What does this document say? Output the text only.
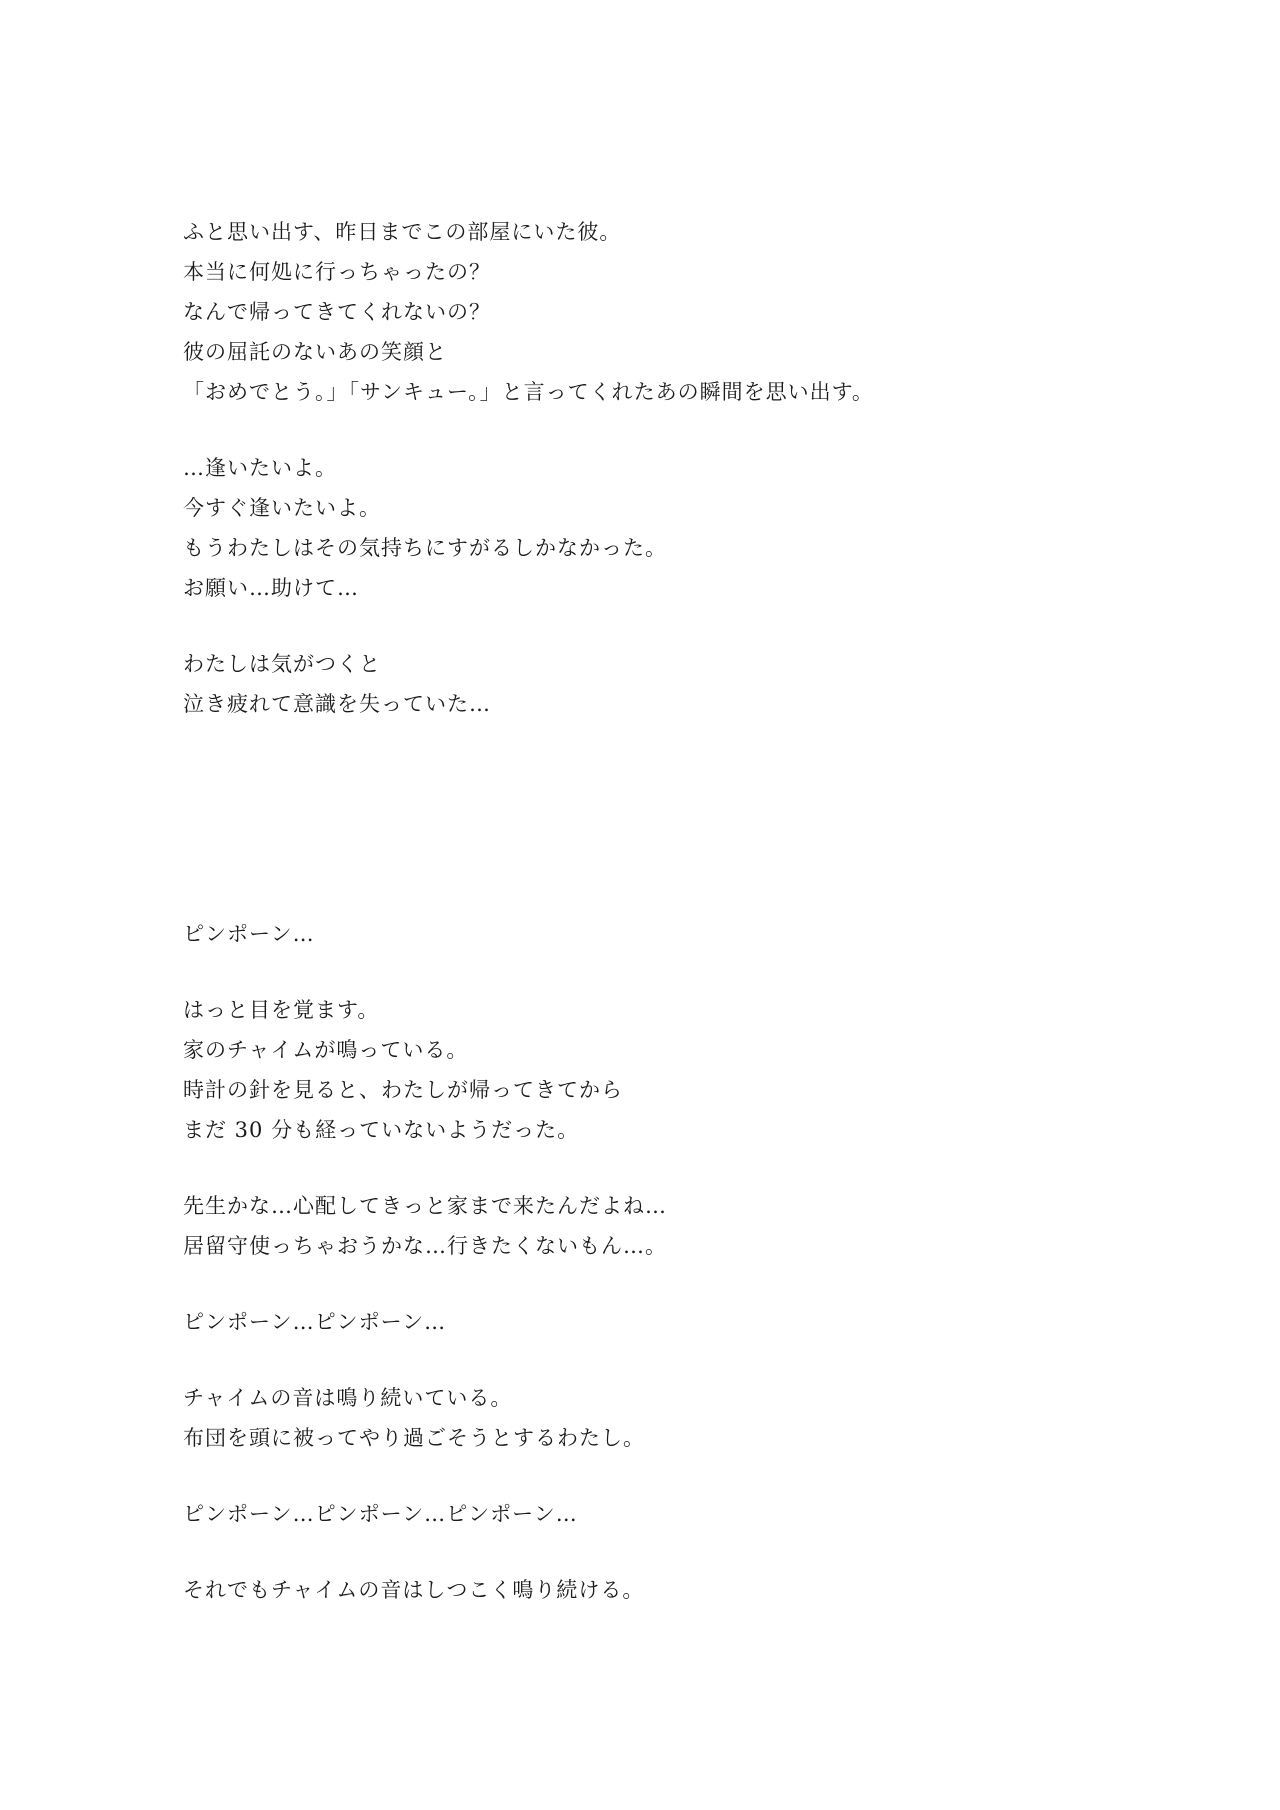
ふと思い出す、昨日までこの部屋にいた彼。
本当に何処に行っちゃったの？
なんで帰ってきてくれないの？
彼の屈託のないあの笑顔と
「おめでとう。」「サンキュー。」と言ってくれたあの瞬間を思い出す。
…逢いたいよ。
今すぐ逢いたいよ。
もうわたしはその気持ちにすがるしかなかった。
お願い…助けて…
わたしは気がつくと
泣き疲れて意識を失っていた…
ピンポーン…
はっと目を覚ます。
家のチャイムが鳴っている。
時計の針を見ると、わたしが帰ってきてから
まだ 30 分も経っていないようだった。
先生かな…心配してきっと家まで来たんだよね…
居留守使っちゃおうかな…行きたくないもん…。
ピンポーン…ピンポーン…
チャイムの音は鳴り続いている。
布団を頭に被ってやり過ごそうとするわたし。
ピンポーン…ピンポーン…ピンポーン…
それでもチャイムの音はしつこく鳴り続ける。
